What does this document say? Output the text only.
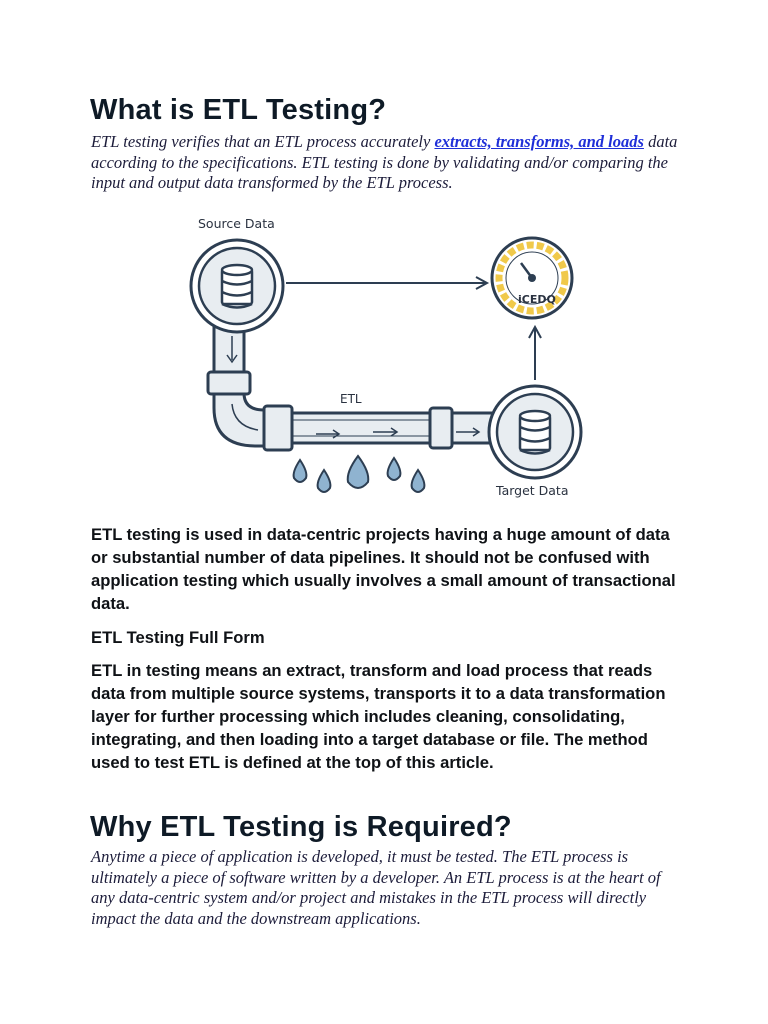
What is ETL Testing?

ETL testing verifies that an ETL process accurately extracts, transforms, and loads data according to the specifications. ETL testing is done by validating and/or comparing the input and output data transformed by the ETL process.

Source Data
ETL
iCEDQ
Target Data

ETL testing is used in data-centric projects having a huge amount of data or substantial number of data pipelines. It should not be confused with application testing which usually involves a small amount of transactional data.

ETL Testing Full Form

ETL in testing means an extract, transform and load process that reads data from multiple source systems, transports it to a data transformation layer for further processing which includes cleaning, consolidating, integrating, and then loading into a target database or file. The method used to test ETL is defined at the top of this article.

Why ETL Testing is Required?

Anytime a piece of application is developed, it must be tested. The ETL process is ultimately a piece of software written by a developer. An ETL process is at the heart of any data-centric system and/or project and mistakes in the ETL process will directly impact the data and the downstream applications.
